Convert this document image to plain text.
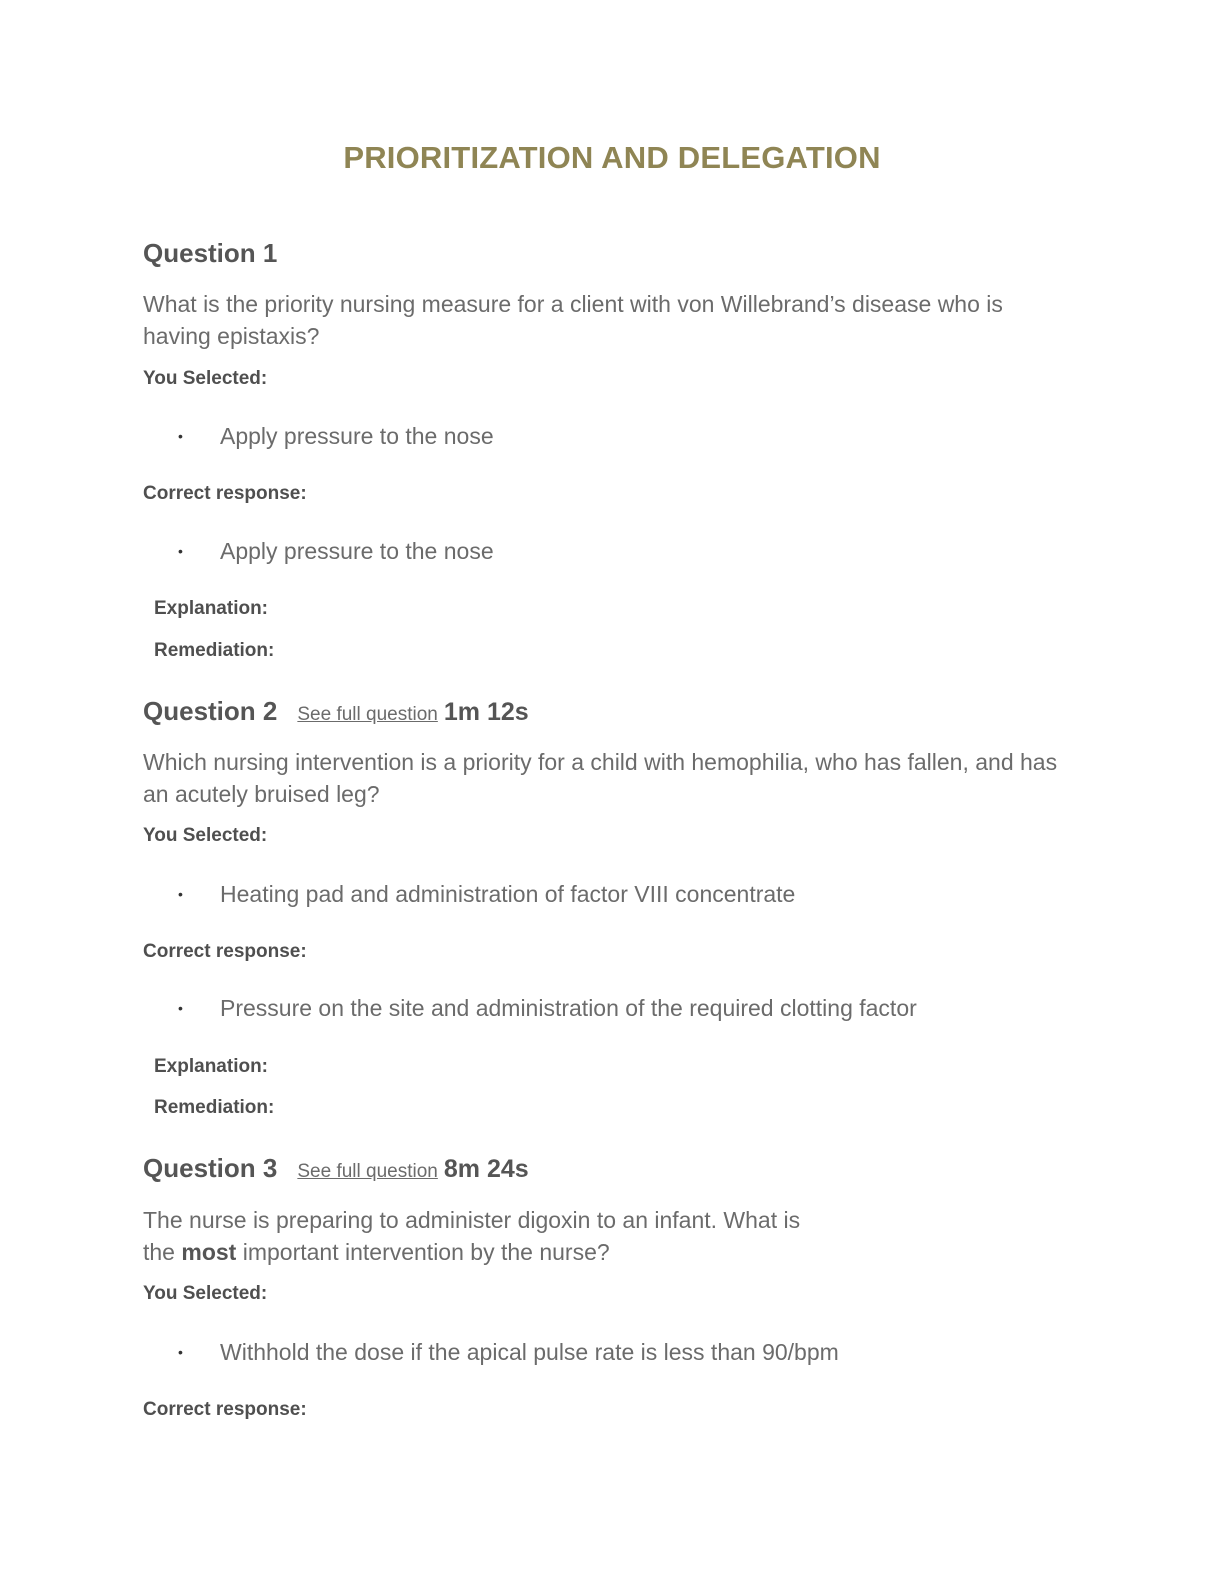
PRIORITIZATION AND DELEGATION
Question 1

What is the priority nursing measure for a client with von Willebrand’s disease who is having epistaxis?

You Selected:
•	Apply pressure to the nose
Correct response:
•	Apply pressure to the nose
Explanation:
Remediation:
Question 2 See full question 1m 12s

Which nursing intervention is a priority for a child with hemophilia, who has fallen, and has an acutely bruised leg?

You Selected:
•	Heating pad and administration of factor VIII concentrate
Correct response:
•	Pressure on the site and administration of the required clotting factor
Explanation:
Remediation:
Question 3 See full question 8m 24s
The nurse is preparing to administer digoxin to an infant. What is
the most important intervention by the nurse?
You Selected:
•	Withhold the dose if the apical pulse rate is less than 90/bpm
Correct response:
